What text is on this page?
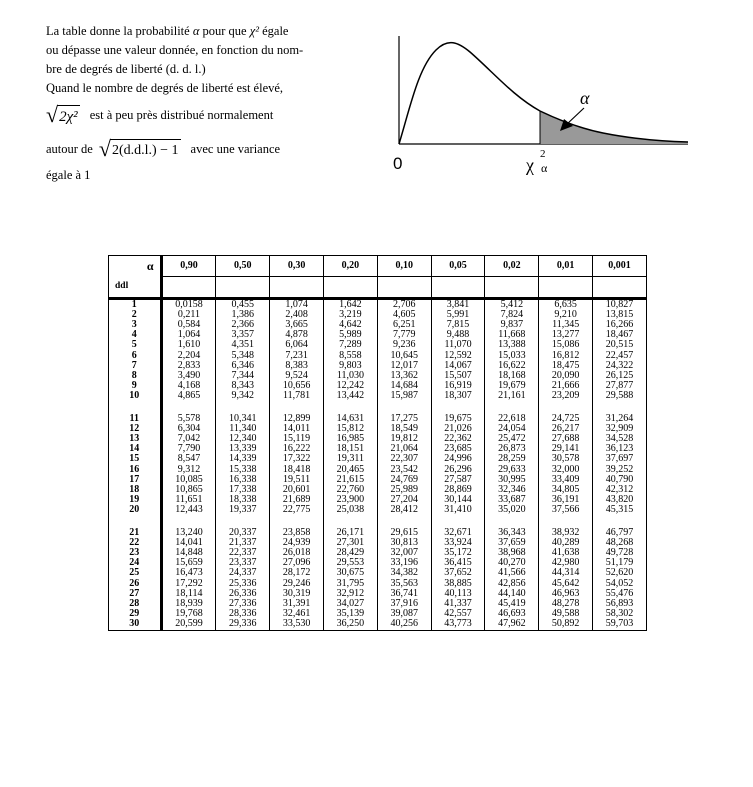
La table donne la probabilité α pour que χ² égale
ou dépasse une valeur donnée, en fonction du nom-
bre de degrés de liberté (d. d. l.)
Quand le nombre de degrés de liberté est élevé,
√ 2χ² est à peu près distribué normalement
autour de √ 2(d.d.l.) − 1 avec une variance
égale à 1
α
0	χ
2
α
α	0,90	0,50	0,30	0,20	0,10	0,05	0,02	0,01	0,001
ddl									
1	0,0158	0,455	1,074	1,642	2,706	3,841	5,412	6,635	10,827
2	0,211	1,386	2,408	3,219	4,605	5,991	7,824	9,210	13,815
3	0,584	2,366	3,665	4,642	6,251	7,815	9,837	11,345	16,266
4	1,064	3,357	4,878	5,989	7,779	9,488	11,668	13,277	18,467
5	1,610	4,351	6,064	7,289	9,236	11,070	13,388	15,086	20,515
6	2,204	5,348	7,231	8,558	10,645	12,592	15,033	16,812	22,457
7	2,833	6,346	8,383	9,803	12,017	14,067	16,622	18,475	24,322
8	3,490	7,344	9,524	11,030	13,362	15,507	18,168	20,090	26,125
9	4,168	8,343	10,656	12,242	14,684	16,919	19,679	21,666	27,877
10	4,865	9,342	11,781	13,442	15,987	18,307	21,161	23,209	29,588

11	5,578	10,341	12,899	14,631	17,275	19,675	22,618	24,725	31,264
12	6,304	11,340	14,011	15,812	18,549	21,026	24,054	26,217	32,909
13	7,042	12,340	15,119	16,985	19,812	22,362	25,472	27,688	34,528
14	7,790	13,339	16,222	18,151	21,064	23,685	26,873	29,141	36,123
15	8,547	14,339	17,322	19,311	22,307	24,996	28,259	30,578	37,697
16	9,312	15,338	18,418	20,465	23,542	26,296	29,633	32,000	39,252
17	10,085	16,338	19,511	21,615	24,769	27,587	30,995	33,409	40,790
18	10,865	17,338	20,601	22,760	25,989	28,869	32,346	34,805	42,312
19	11,651	18,338	21,689	23,900	27,204	30,144	33,687	36,191	43,820
20	12,443	19,337	22,775	25,038	28,412	31,410	35,020	37,566	45,315

21	13,240	20,337	23,858	26,171	29,615	32,671	36,343	38,932	46,797
22	14,041	21,337	24,939	27,301	30,813	33,924	37,659	40,289	48,268
23	14,848	22,337	26,018	28,429	32,007	35,172	38,968	41,638	49,728
24	15,659	23,337	27,096	29,553	33,196	36,415	40,270	42,980	51,179
25	16,473	24,337	28,172	30,675	34,382	37,652	41,566	44,314	52,620
26	17,292	25,336	29,246	31,795	35,563	38,885	42,856	45,642	54,052
27	18,114	26,336	30,319	32,912	36,741	40,113	44,140	46,963	55,476
28	18,939	27,336	31,391	34,027	37,916	41,337	45,419	48,278	56,893
29	19,768	28,336	32,461	35,139	39,087	42,557	46,693	49,588	58,302
30	20,599	29,336	33,530	36,250	40,256	43,773	47,962	50,892	59,703
